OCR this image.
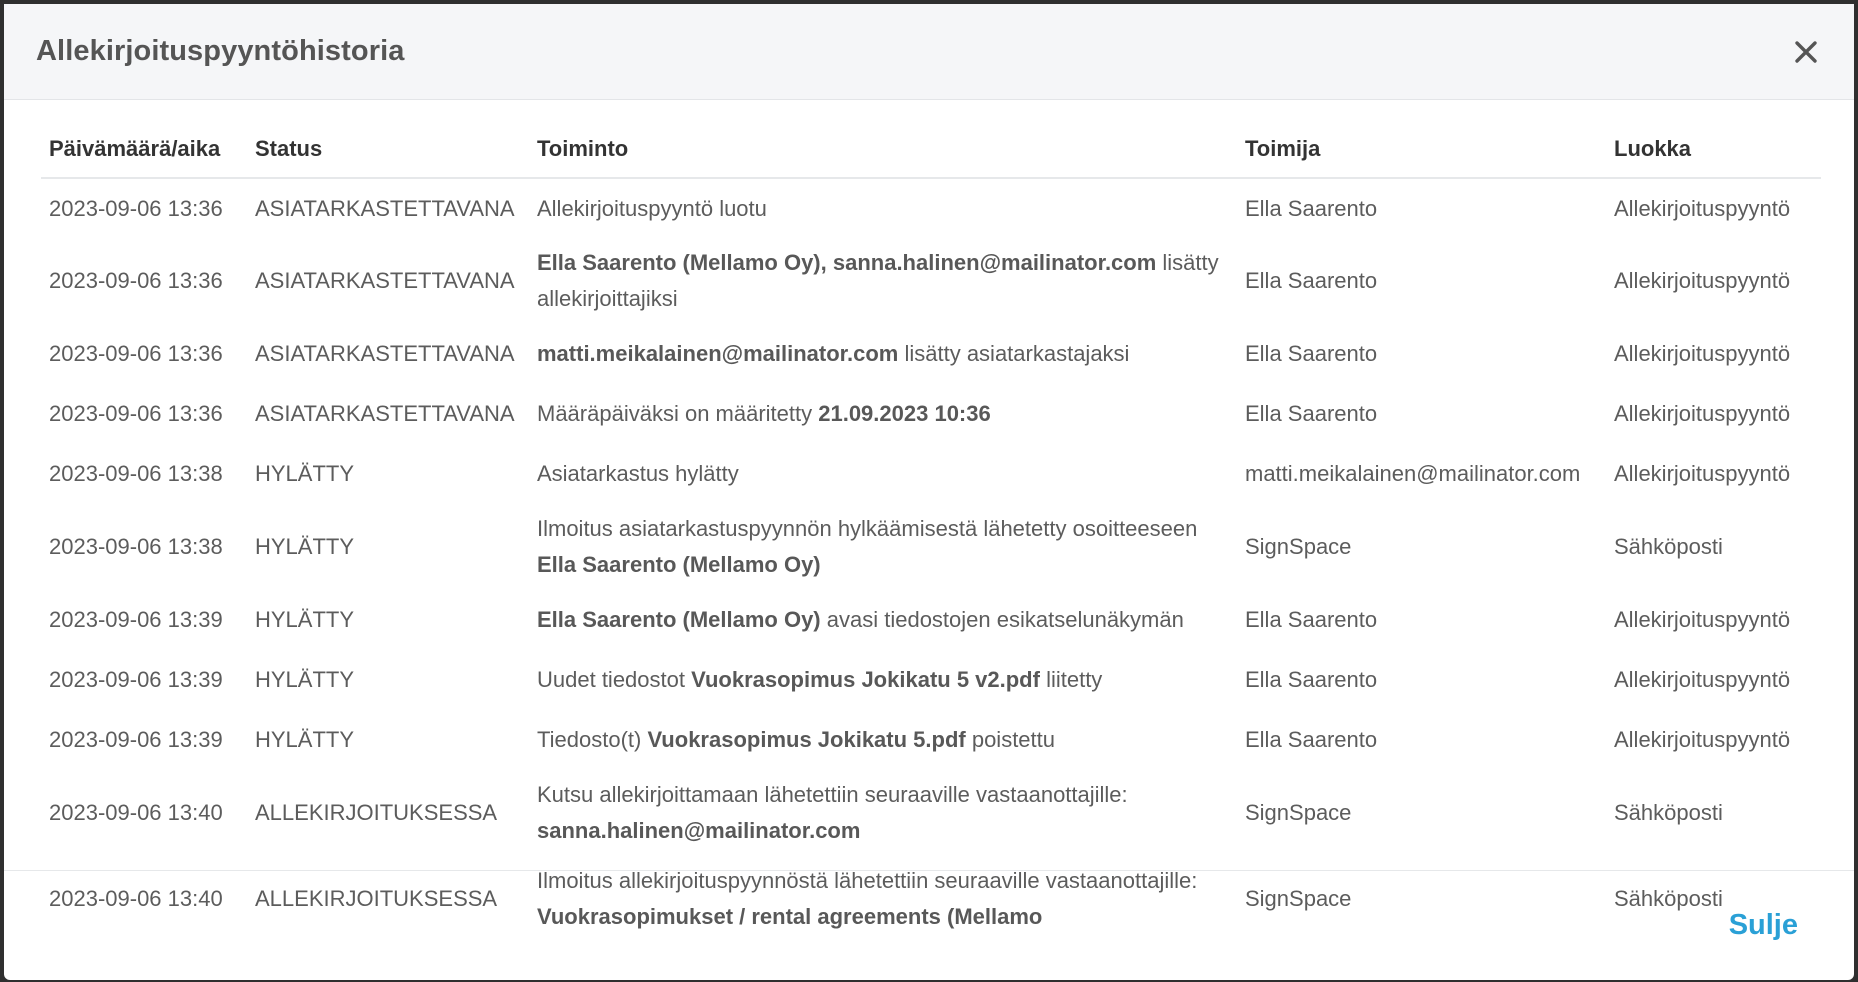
Allekirjoituspyyntöhistoria
Päivämäärä/aika	Status	Toiminto	Toimija	Luokka
2023-09-06 13:36	ASIATARKASTETTAVANA	Allekirjoituspyyntö luotu	Ella Saarento	Allekirjoituspyyntö
2023-09-06 13:36	ASIATARKASTETTAVANA	Ella Saarento (Mellamo Oy), sanna.halinen@mailinator.com lisätty allekirjoittajiksi	Ella Saarento	Allekirjoituspyyntö
2023-09-06 13:36	ASIATARKASTETTAVANA	matti.meikalainen@mailinator.com lisätty asiatarkastajaksi	Ella Saarento	Allekirjoituspyyntö
2023-09-06 13:36	ASIATARKASTETTAVANA	Määräpäiväksi on määritetty 21.09.2023 10:36	Ella Saarento	Allekirjoituspyyntö
2023-09-06 13:38	HYLÄTTY	Asiatarkastus hylätty	matti.meikalainen@mailinator.com	Allekirjoituspyyntö
2023-09-06 13:38	HYLÄTTY	Ilmoitus asiatarkastuspyynnön hylkäämisestä lähetetty osoitteeseen Ella Saarento (Mellamo Oy)	SignSpace	Sähköposti
2023-09-06 13:39	HYLÄTTY	Ella Saarento (Mellamo Oy) avasi tiedostojen esikatselunäkymän	Ella Saarento	Allekirjoituspyyntö
2023-09-06 13:39	HYLÄTTY	Uudet tiedostot Vuokrasopimus Jokikatu 5 v2.pdf liitetty	Ella Saarento	Allekirjoituspyyntö
2023-09-06 13:39	HYLÄTTY	Tiedosto(t) Vuokrasopimus Jokikatu 5.pdf poistettu	Ella Saarento	Allekirjoituspyyntö
2023-09-06 13:40	ALLEKIRJOITUKSESSA	Kutsu allekirjoittamaan lähetettiin seuraaville vastaanottajille: sanna.halinen@mailinator.com	SignSpace	Sähköposti
2023-09-06 13:40	ALLEKIRJOITUKSESSA	Ilmoitus allekirjoituspyynnöstä lähetettiin seuraaville vastaanottajille: Vuokrasopimukset / rental agreements (Mellamo	SignSpace	Sähköposti
Sulje
